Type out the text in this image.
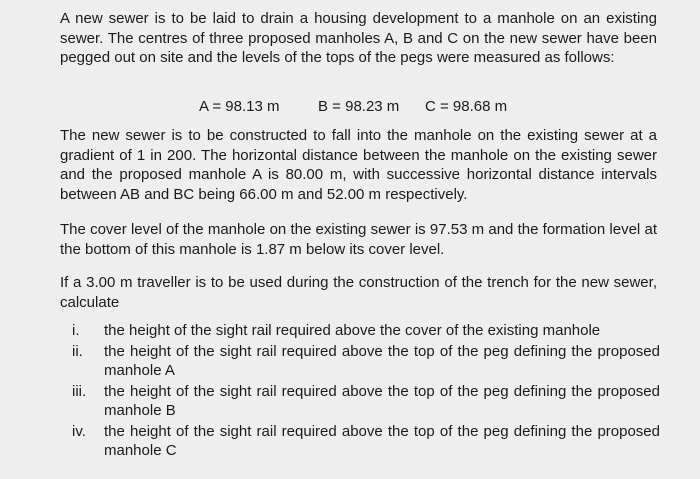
A new sewer is to be laid to drain a housing development to a manhole on an existing sewer. The centres of three proposed manholes A, B and C on the new sewer have been pegged out on site and the levels of the tops of the pegs were measured as follows:

A = 98.13 m	B = 98.23 m C = 98.68 m

The new sewer is to be constructed to fall into the manhole on the existing sewer at a gradient of 1 in 200. The horizontal distance between the manhole on the existing sewer and the proposed manhole A is 80.00 m, with successive horizontal distance intervals between AB and BC being 66.00 m and 52.00 m respectively.

The cover level of the manhole on the existing sewer is 97.53 m and the formation level at the bottom of this manhole is 1.87 m below its cover level.

If a 3.00 m traveller is to be used during the construction of the trench for the new sewer, calculate

i.	the height of the sight rail required above the cover of the existing manhole
ii.	the height of the sight rail required above the top of the peg defining the proposed manhole A
iii.	the height of the sight rail required above the top of the peg defining the proposed manhole B
iv.	the height of the sight rail required above the top of the peg defining the proposed manhole C
